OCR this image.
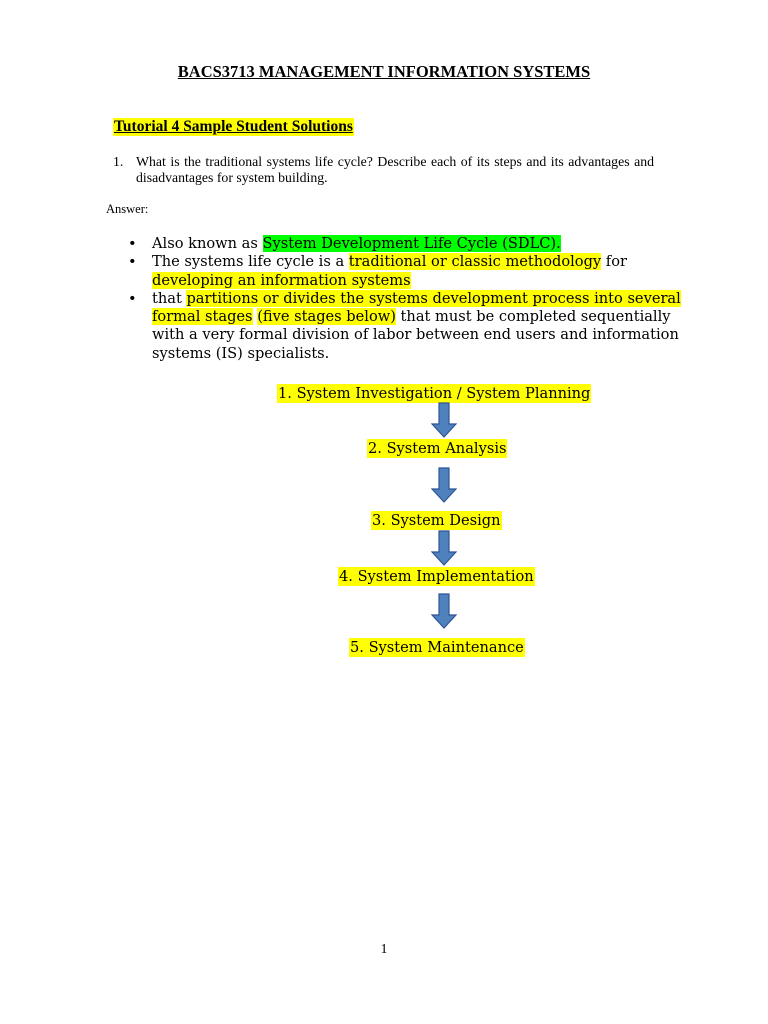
BACS3713 MANAGEMENT INFORMATION SYSTEMS
Tutorial 4 Sample Student Solutions
1. What is the traditional systems life cycle? Describe each of its steps and its advantages and disadvantages for system building.
Answer:
• Also known as System Development Life Cycle (SDLC).
• The systems life cycle is a traditional or classic methodology for developing an information systems
• that partitions or divides the systems development process into several formal stages (five stages below) that must be completed sequentially with a very formal division of labor between end users and information systems (IS) specialists.
1. System Investigation / System Planning
2. System Analysis
3. System Design
4. System Implementation
5. System Maintenance
1
